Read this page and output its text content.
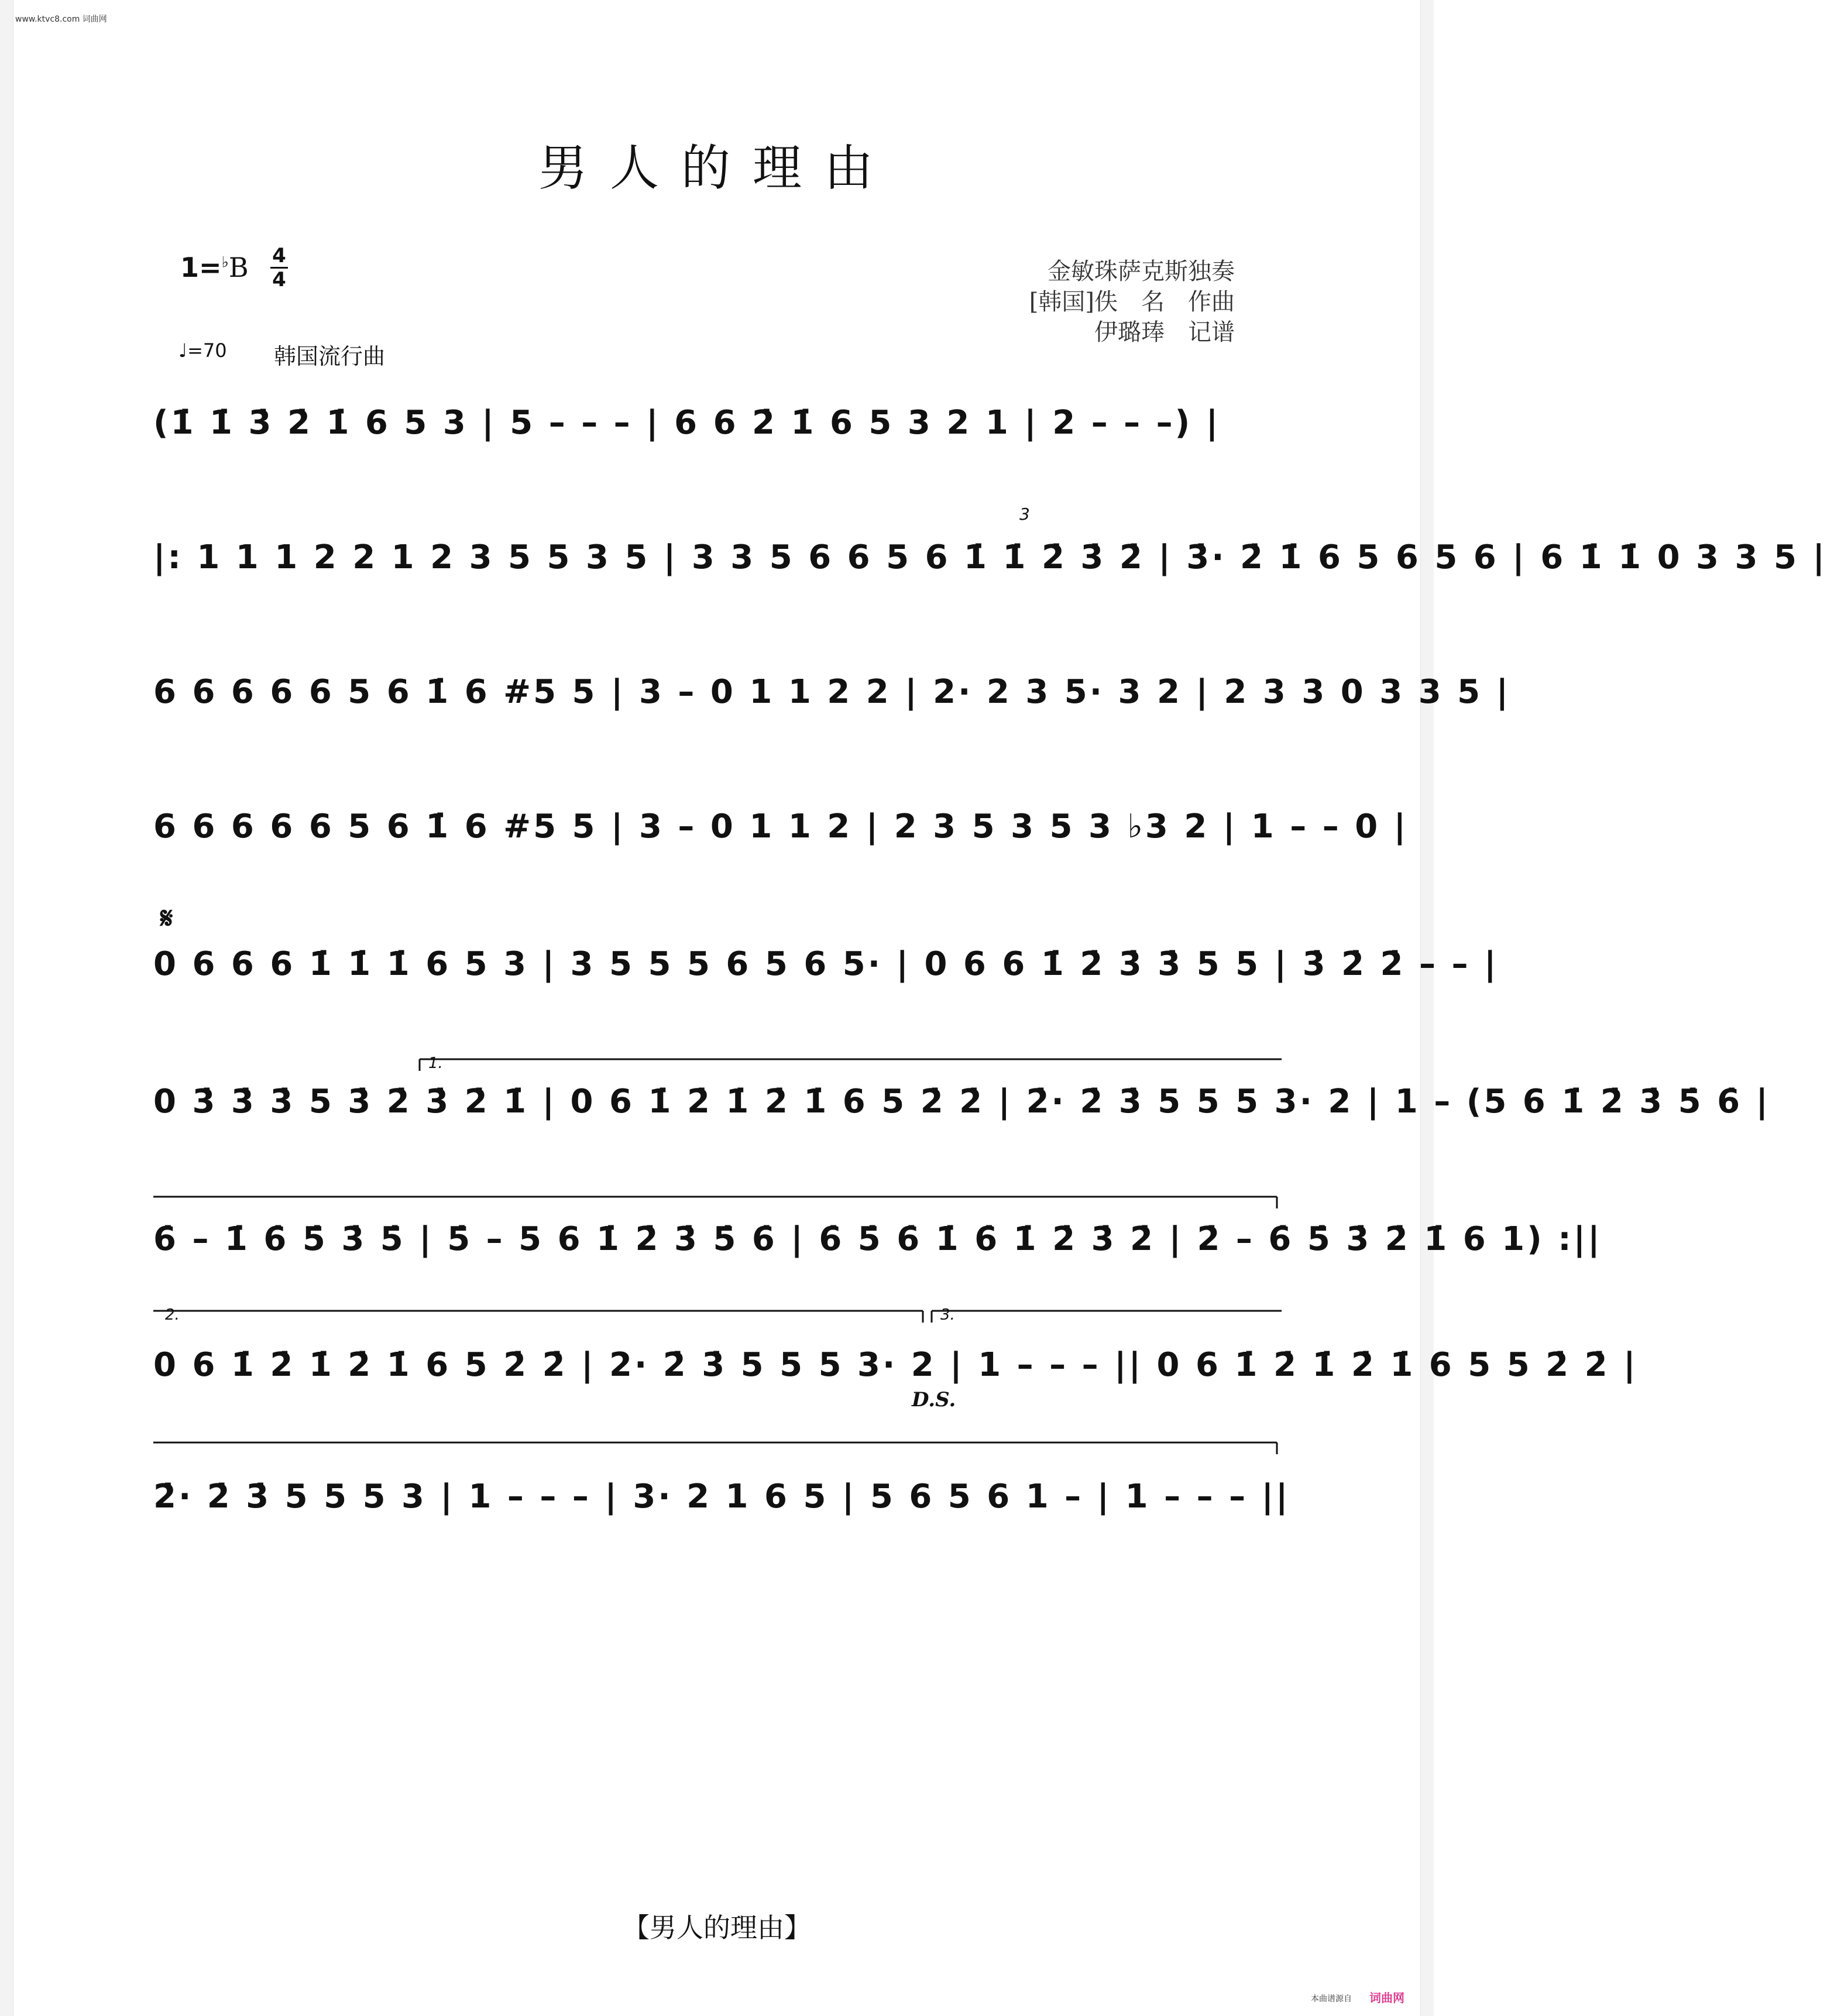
www.ktvc8.com 词曲网
男人的理由
1=♭B 4
4	金敏珠萨克斯独奏
[韩国]佚　名　作曲
伊璐琫　记谱
♩=70 韩国流行曲
(1̇ 1̇ 3̇ 2̇ 1̇ 6 5 3 | 5 – – – | 6 6 2̇ 1̇ 6 5 3 2 1 | 2 – – –) |
|: 1 1 1 2 2 1 2 3 5 5 3 5 | 3 3 5 6 6 5 6 1̇ 1̇ 2̇ 3̇ 2̇ | 3̇· 2̇ 1̇ 6 5 6 5 6 | 6 1̇ 1̇ 0 3 3 5 |
3
6 6 6 6 6 5 6 1̇ 6 #5 5 | 3 – 0 1 1 2 2 | 2· 2 3 5· 3 2 | 2 3 3 0 3 3 5 |
6 6 6 6 6 5 6 1̇ 6 #5 5 | 3 – 0 1 1 2 | 2 3 5 3 5 3 ♭3 2 | 1 – – 0 |
𝄋
0 6 6 6 1̇ 1̇ 1̇ 6 5 3 | 3 5 5 5 6 5 6 5· | 0 6 6 1̇ 2̇ 3̇ 3̇ 5 5 | 3̇ 2̇ 2̇ – – |
1.
0 3̇ 3̇ 3̇ 5 3̇ 2̇ 3̇ 2̇ 1̇ | 0 6 1̇ 2̇ 1̇ 2̇ 1̇ 6 5 2̇ 2̇ | 2̇· 2̇ 3̇ 5 5 5 3· 2 | 1 – (5 6 1̇ 2̇ 3̇ 5̇ 6̇ |
6̇ – 1̇ 6̇ 5̇ 3̇ 5̇ | 5̇ – 5 6 1̇ 2̇ 3̇ 5̇ 6̇ | 6̇ 5̇ 6̇ 1̇ 6̇ 1̇ 2̇ 3̇ 2̇ | 2̇ – 6̇ 5̇ 3̇ 2̇ 1̇ 6 1) :||
2.	3.
0 6 1̇ 2̇ 1̇ 2̇ 1̇ 6 5 2̇ 2̇ | 2· 2̇ 3̇ 5 5 5 3· 2 | 1 – – – || 0 6 1̇ 2̇ 1̇ 2̇ 1̇ 6 5 5 2̇ 2̇ |
D.S.
2̇· 2̇ 3̇ 5 5 5 3 | 1 – – – | 3· 2 1 6 5 | 5 6 5 6 1 – | 1 – – – ||
【男人的理由】
本曲谱源自 词曲网
